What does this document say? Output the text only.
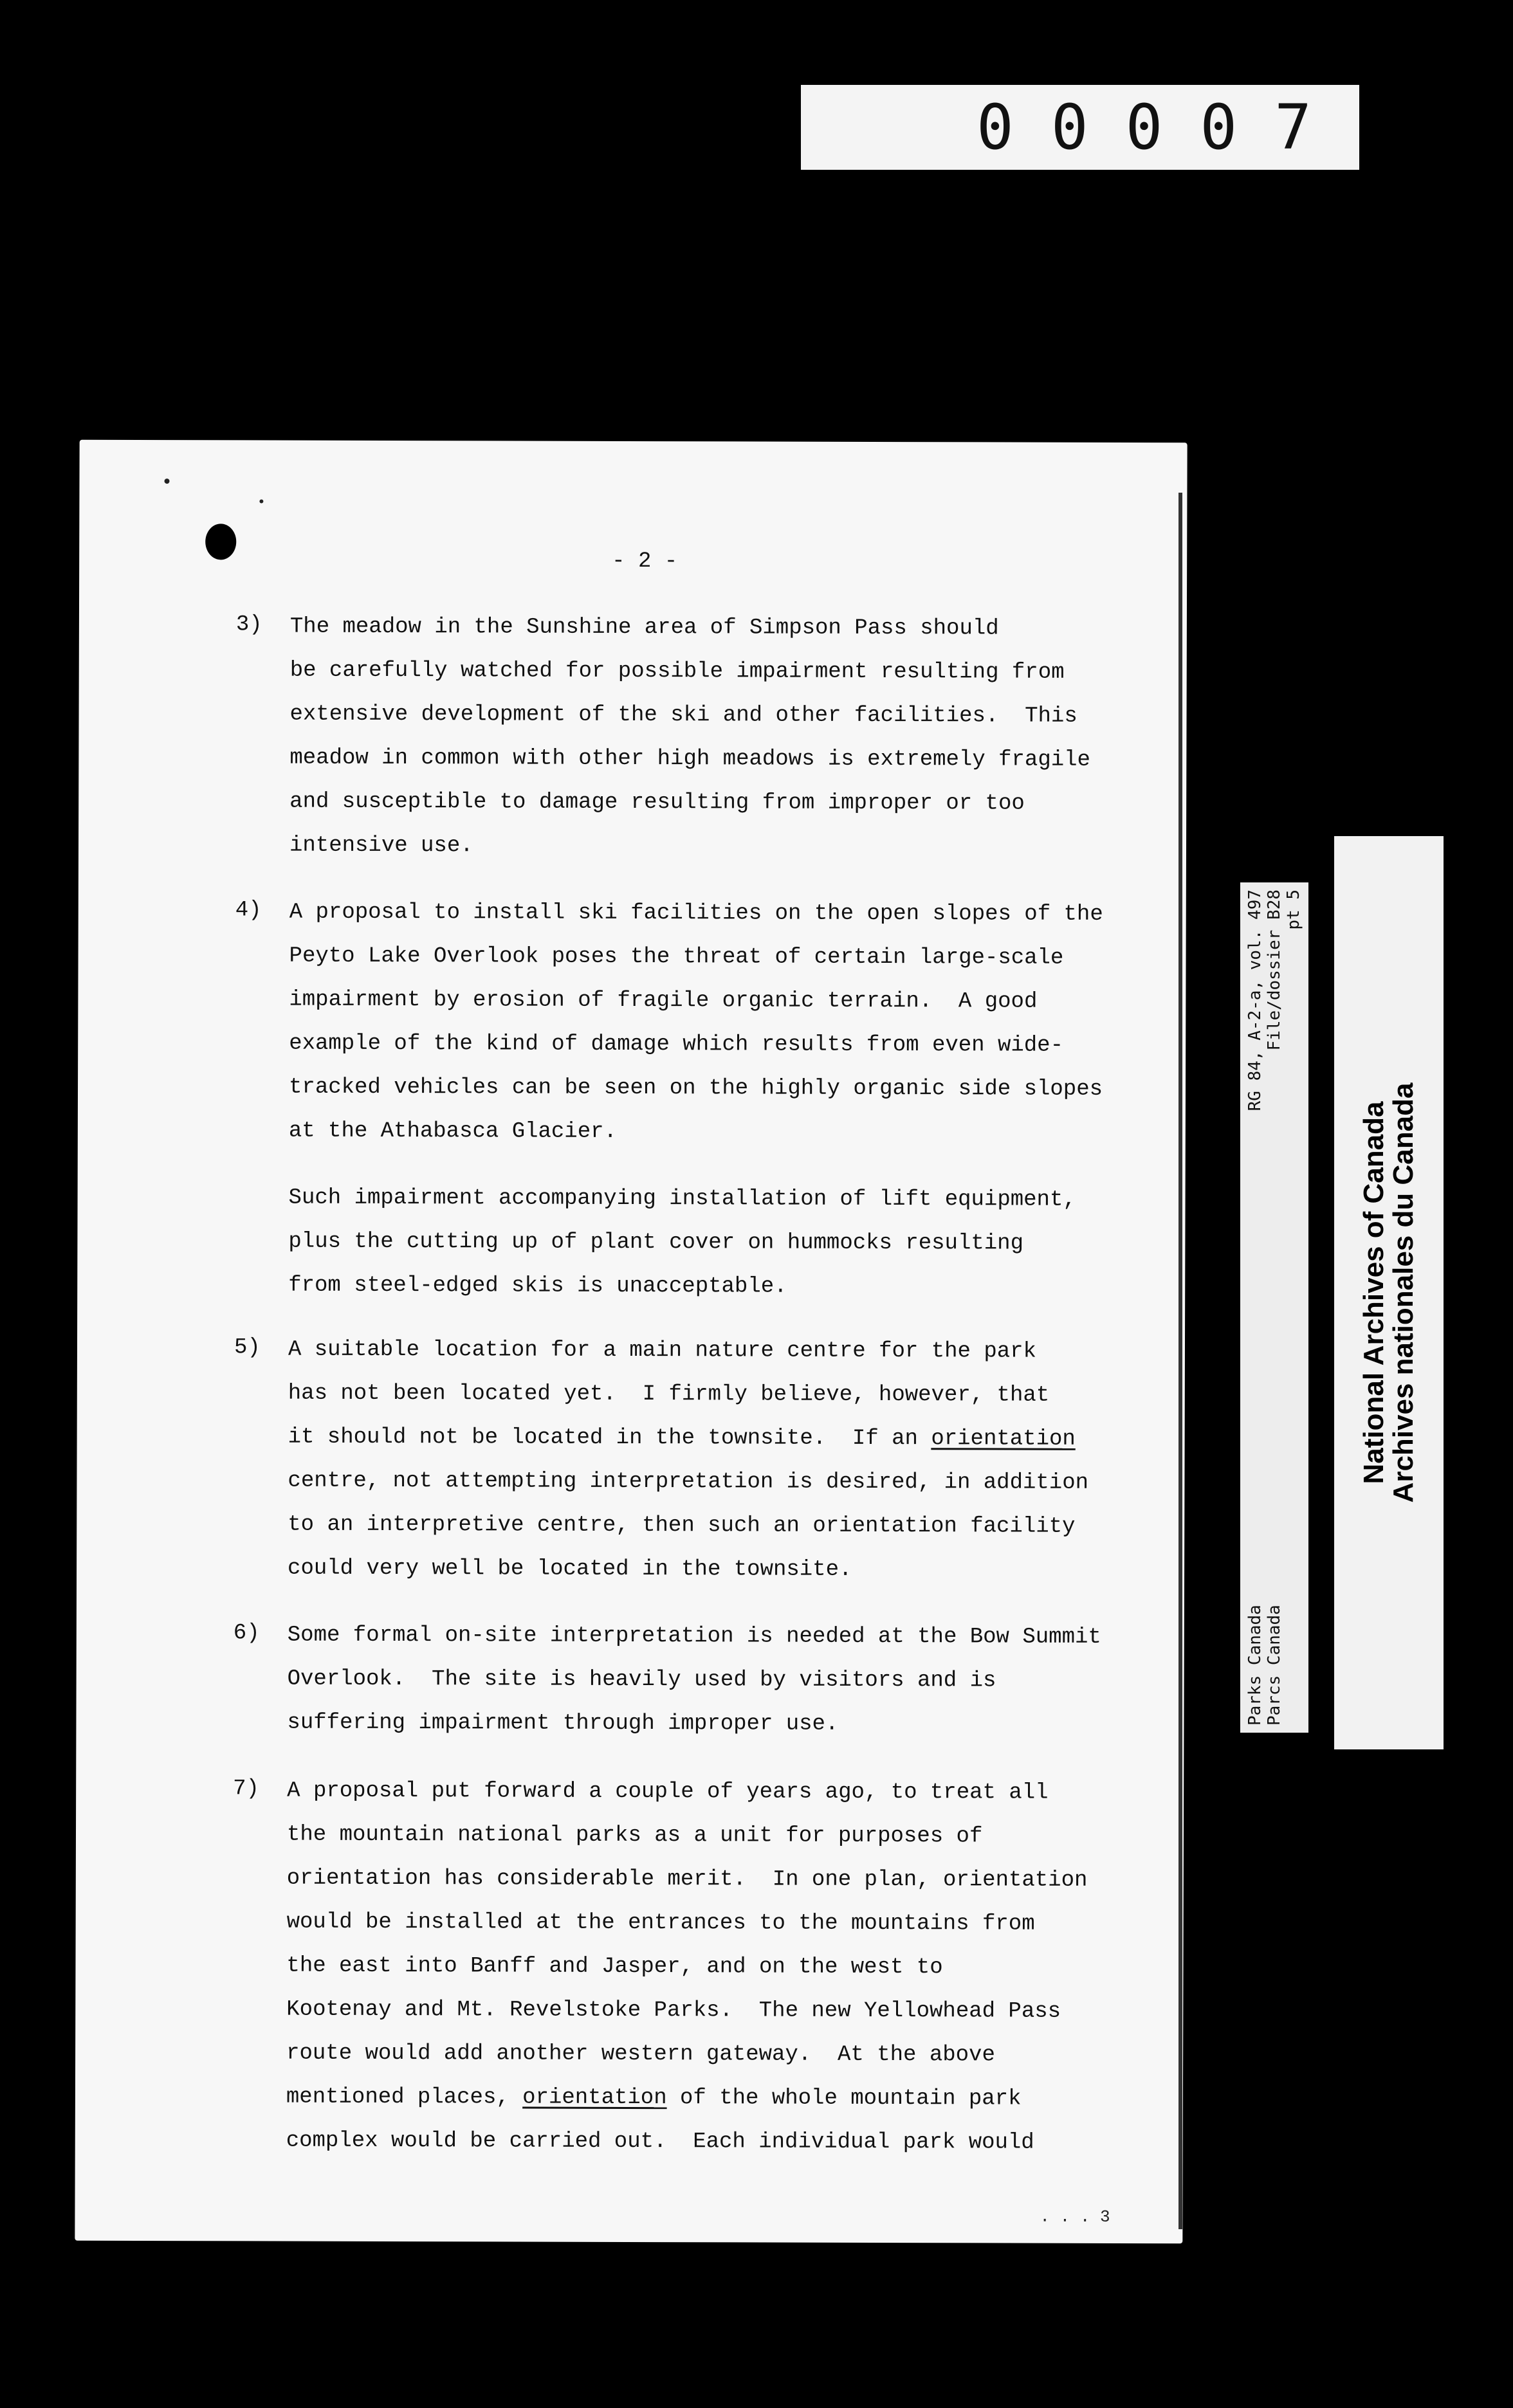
00007
- 2 -
3) The meadow in the Sunshine area of Simpson Pass should
be carefully watched for possible impairment resulting from
extensive development of the ski and other facilities.  This
meadow in common with other high meadows is extremely fragile
and susceptible to damage resulting from improper or too
intensive use.
4) A proposal to install ski facilities on the open slopes of the
Peyto Lake Overlook poses the threat of certain large-scale
impairment by erosion of fragile organic terrain.  A good
example of the kind of damage which results from even wide-
tracked vehicles can be seen on the highly organic side slopes
at the Athabasca Glacier.
Such impairment accompanying installation of lift equipment,
plus the cutting up of plant cover on hummocks resulting
from steel-edged skis is unacceptable.
5) A suitable location for a main nature centre for the park
has not been located yet.  I firmly believe, however, that
it should not be located in the townsite.  If an orientation
centre, not attempting interpretation is desired, in addition
to an interpretive centre, then such an orientation facility
could very well be located in the townsite.
6) Some formal on-site interpretation is needed at the Bow Summit
Overlook.  The site is heavily used by visitors and is
suffering impairment through improper use.
7) A proposal put forward a couple of years ago, to treat all
the mountain national parks as a unit for purposes of
orientation has considerable merit.  In one plan, orientation
would be installed at the entrances to the mountains from
the east into Banff and Jasper, and on the west to
Kootenay and Mt. Revelstoke Parks.  The new Yellowhead Pass
route would add another western gateway.  At the above
mentioned places, orientation of the whole mountain park
complex would be carried out.  Each individual park would
. . . 3
Parks Canada
RG 84, A-2-a, vol. 497
Parcs Canada
File/dossier B28 pt 5
National Archives of Canada
Archives nationales du Canada
